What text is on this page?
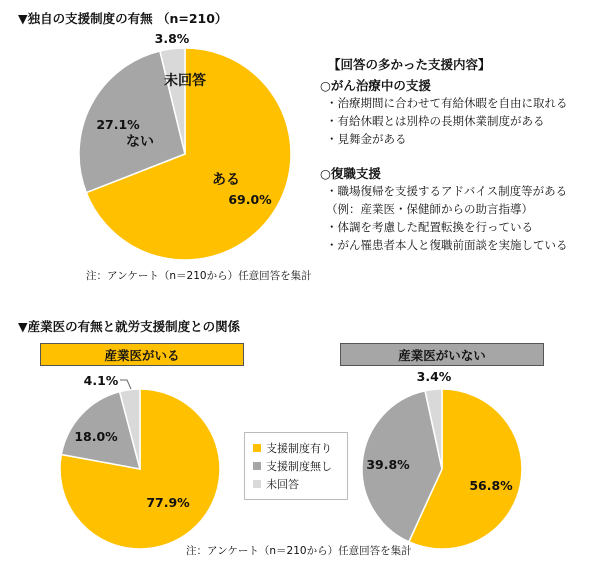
▼独自の支援制度の有無 （n=210）
ある
69.0%
ない
27.1%
未回答
3.8%
注：アンケート（n＝210から）任意回答を集計
【回答の多かった支援内容】
○がん治療中の支援
・治療期間に合わせて有給休暇を自由に取れる
・有給休暇とは別枠の長期休業制度がある
・見舞金がある
○復職支援
・職場復帰を支援するアドバイス制度等がある
（例：産業医・保健師からの助言指導）
・体調を考慮した配置転換を行っている
・がん罹患者本人と復職前面談を実施している
▼産業医の有無と就労支援制度との関係
産業医がいる	産業医がいない
77.9%
18.0%
4.1%
56.8%
39.8%
3.4%
支援制度有り
支援制度無し
未回答
注：アンケート（n＝210から）任意回答を集計
